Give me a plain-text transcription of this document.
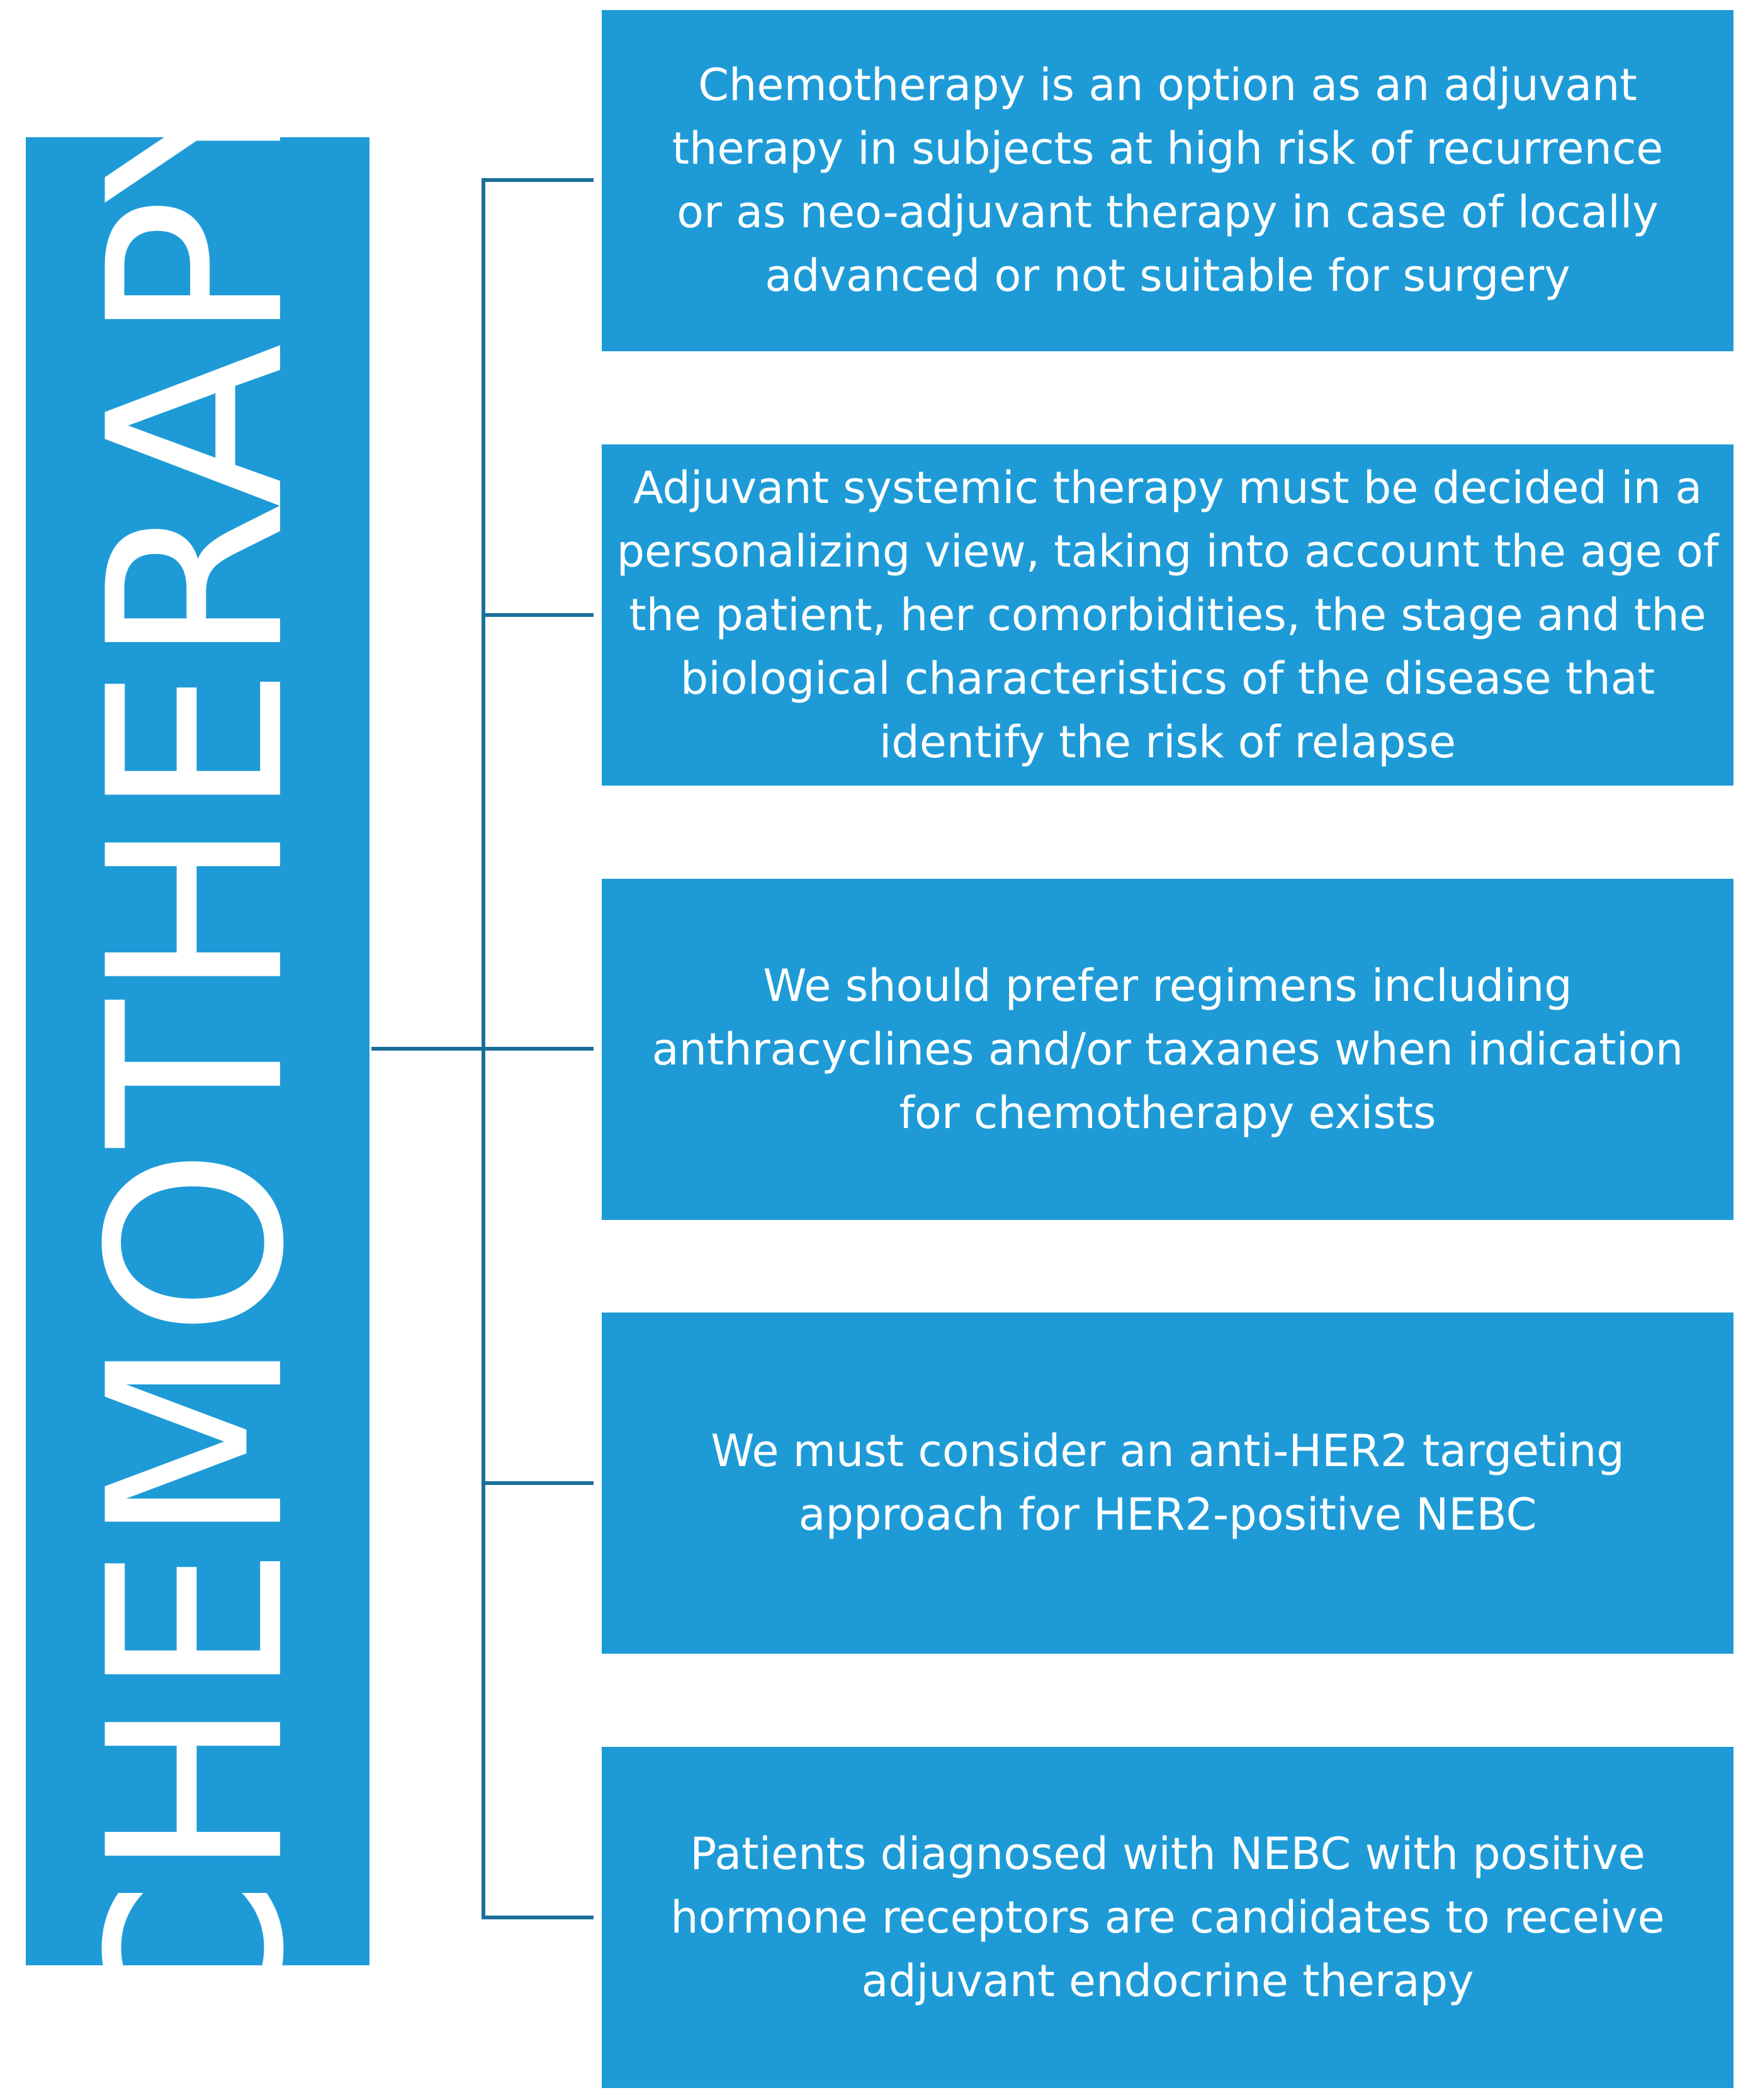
CHEMOTHERAPY	Chemotherapy is an option as an adjuvant therapy in subjects at high risk of recurrence or as neo-adjuvant therapy in case of locally advanced or not suitable for surgery
Adjuvant systemic therapy must be decided in a personalizing view, taking into account the age of the patient, her comorbidities, the stage and the biological characteristics of the disease that identify the risk of relapse
We should prefer regimens including anthracyclines and/or taxanes when indication for chemotherapy exists
We must consider an anti-HER2 targeting approach for HER2-positive NEBC
Patients diagnosed with NEBC with positive hormone receptors are candidates to receive adjuvant endocrine therapy
